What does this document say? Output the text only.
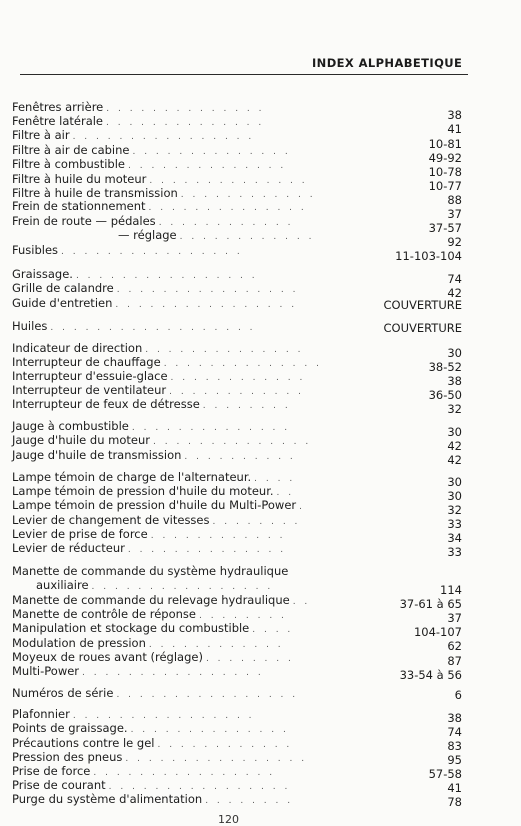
INDEX ALPHABETIQUE
Fenêtres arrière . . . . . . . . . . . . . .
Fenêtre latérale . . . . . . . . . . . . . .
Filtre à air . . . . . . . . . . . . . . . .
Filtre à air de cabine . . . . . . . . . . . . . .
Filtre à combustible . . . . . . . . . . . . . .
Filtre à huile du moteur . . . . . . . . . . . . . .
Filtre à huile de transmission . . . . . . . . . . . .
Frein de stationnement . . . . . . . . . . . . . .
Frein de route — pédales . . . . . . . . . . . .
— réglage . . . . . . . . . . . .
Fusibles . . . . . . . . . . . . . . . .
Graissage. . . . . . . . . . . . . . . . .
Grille de calandre . . . . . . . . . . . . . . . .
Guide d'entretien . . . . . . . . . . . . . . . .
Huiles . . . . . . . . . . . . . . . . . .
Indicateur de direction . . . . . . . . . . . . . .
Interrupteur de chauffage . . . . . . . . . . . . . .
Interrupteur d'essuie-glace . . . . . . . . . . . .
Interrupteur de ventilateur . . . . . . . . . . . .
Interrupteur de feux de détresse . . . . . . . .
Jauge à combustible . . . . . . . . . . . . . .
Jauge d'huile du moteur . . . . . . . . . . . . . .
Jauge d'huile de transmission . . . . . . . . . .
Lampe témoin de charge de l'alternateur. . . . .
Lampe témoin de pression d'huile du moteur. . .
Lampe témoin de pression d'huile du Multi-Power .
Levier de changement de vitesses . . . . . . . .
Levier de prise de force . . . . . . . . . . . .
Levier de réducteur . . . . . . . . . . . . . .
Manette de commande du système hydraulique
auxiliaire . . . . . . . . . . . . . . . .
Manette de commande du relevage hydraulique . .
Manette de contrôle de réponse . . . . . . . .
Manipulation et stockage du combustible . . . .
Modulation de pression . . . . . . . . . . . .
Moyeux de roues avant (réglage) . . . . . . . .
Multi-Power . . . . . . . . . . . . . . . .
Numéros de série . . . . . . . . . . . . . . . .
Plafonnier . . . . . . . . . . . . . . . .
Points de graissage. . . . . . . . . . . . . . .
Précautions contre le gel . . . . . . . . . . . .
Pression des pneus . . . . . . . . . . . . . . . .
Prise de force . . . . . . . . . . . . . . . .
Prise de courant . . . . . . . . . . . . . . . .
Purge du système d'alimentation . . . . . . . .
38
41
10-81
49-92
10-78
10-77
88
37
37-57
92
11-103-104
74
42
COUVERTURE
COUVERTURE
30
38-52
38
36-50
32
30
42
42
30
30
32
33
34
33
114
37-61 à 65
37
104-107
62
87
33-54 à 56
6
38
74
83
95
57-58
41
78
120
